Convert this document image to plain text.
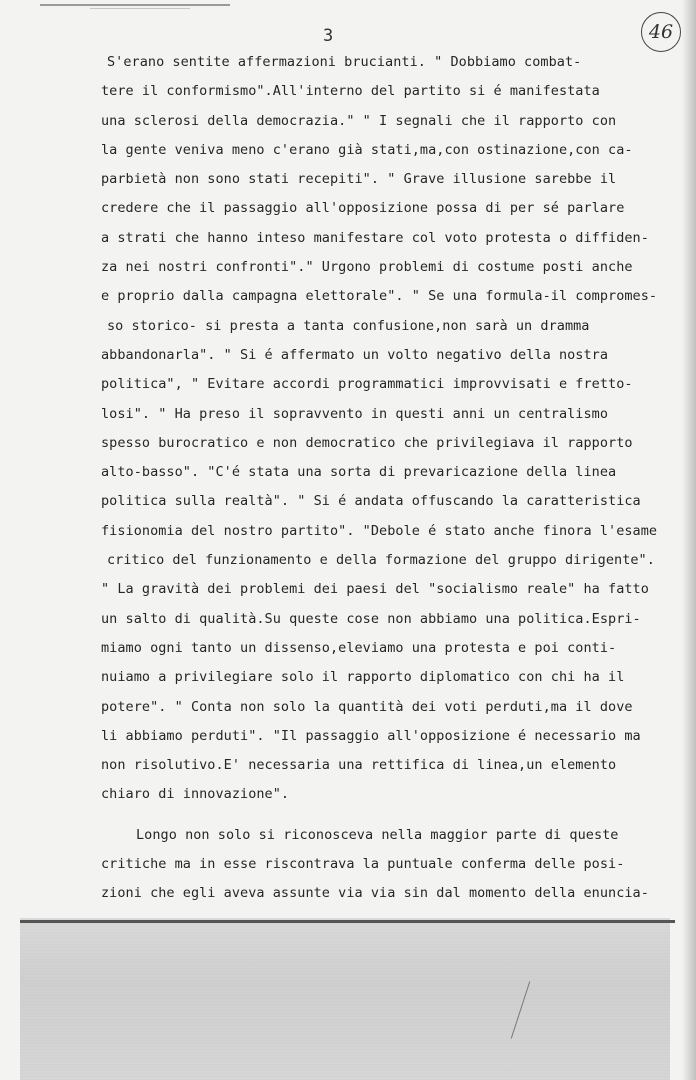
3	46
S'erano sentite affermazioni brucianti. " Dobbiamo combat-
tere il conformismo".All'interno del partito si é manifestata
una sclerosi della democrazia." " I segnali che il rapporto con
la gente veniva meno c'erano già stati,ma,con ostinazione,con ca-
parbietà non sono stati recepiti". " Grave illusione sarebbe il
credere che il passaggio all'opposizione possa di per sé parlare
a strati che hanno inteso manifestare col voto protesta o diffiden-
za nei nostri confronti"." Urgono problemi di costume posti anche
e proprio dalla campagna elettorale". " Se una formula-il compromes-
so storico- si presta a tanta confusione,non sarà un dramma
abbandonarla". " Si é affermato un volto negativo della nostra
politica", " Evitare accordi programmatici improvvisati e fretto-
losi". " Ha preso il sopravvento in questi anni un centralismo
spesso burocratico e non democratico che privilegiava il rapporto
alto-basso". "C'é stata una sorta di prevaricazione della linea
politica sulla realtà". " Si é andata offuscando la caratteristica
fisionomia del nostro partito". "Debole é stato anche finora l'esame
critico del funzionamento e della formazione del gruppo dirigente".
" La gravità dei problemi dei paesi del "socialismo reale" ha fatto
un salto di qualità.Su queste cose non abbiamo una politica.Espri-
miamo ogni tanto un dissenso,eleviamo una protesta e poi conti-
nuiamo a privilegiare solo il rapporto diplomatico con chi ha il
potere". " Conta non solo la quantità dei voti perduti,ma il dove
li abbiamo perduti". "Il passaggio all'opposizione é necessario ma
non risolutivo.E' necessaria una rettifica di linea,un elemento
chiaro di innovazione".
Longo non solo si riconosceva nella maggior parte di queste
critiche ma in esse riscontrava la puntuale conferma delle posi-
zioni che egli aveva assunte via via sin dal momento della enuncia-
